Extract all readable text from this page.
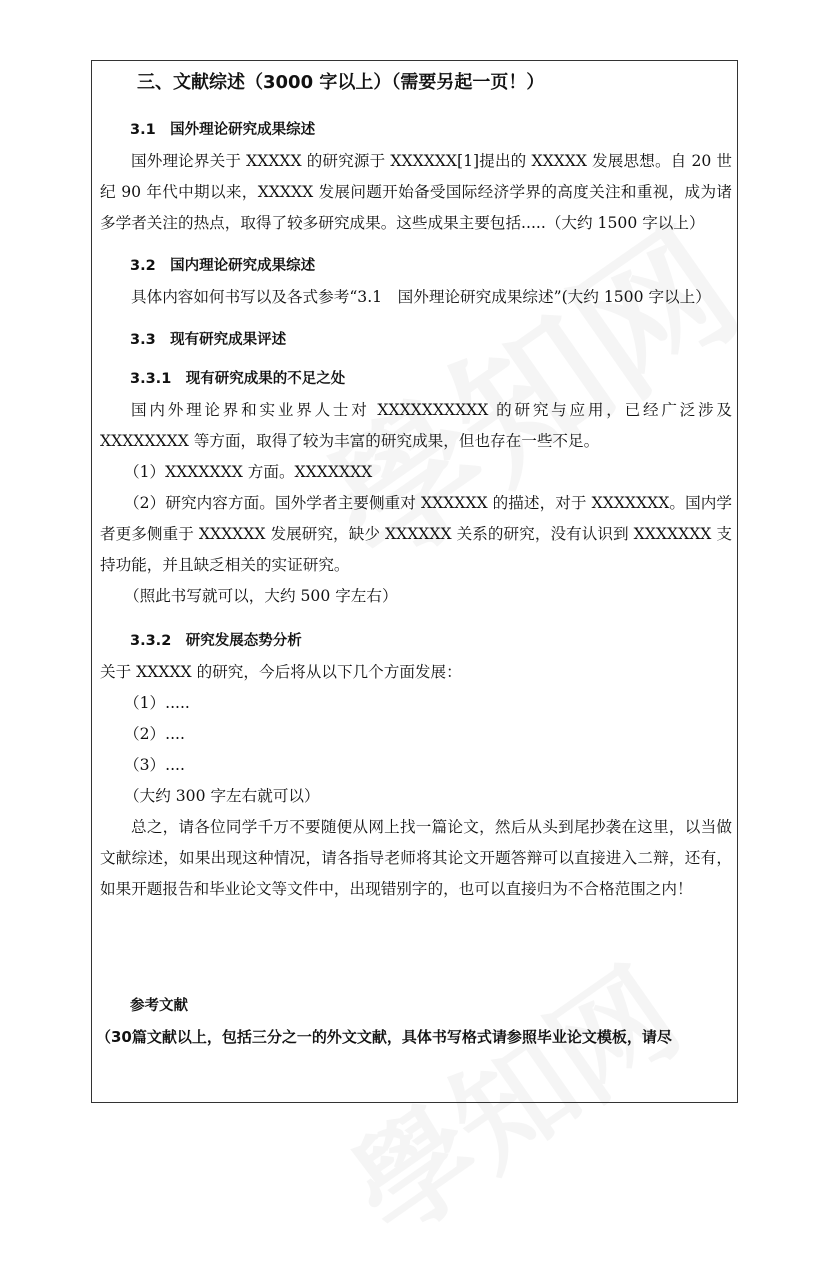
三、文献综述（3000 字以上）（需要另起一页！）
3.1　国外理论研究成果综述

国外理论界关于 XXXXX 的研究源于 XXXXXX[1]提出的 XXXXX 发展思想。自 20 世纪 90 年代中期以来，XXXXX 发展问题开始备受国际经济学界的高度关注和重视，成为诸多学者关注的热点，取得了较多研究成果。这些成果主要包括.....（大约 1500 字以上）

3.2　国内理论研究成果综述

具体内容如何书写以及各式参考“3.1　国外理论研究成果综述”(大约 1500 字以上）

3.3　现有研究成果评述
3.3.1　现有研究成果的不足之处

国内外理论界和实业界人士对 XXXXXXXXXX 的研究与应用，已经广泛涉及 XXXXXXXX 等方面，取得了较为丰富的研究成果，但也存在一些不足。

（1）XXXXXXX 方面。XXXXXXX

（2）研究内容方面。国外学者主要侧重对 XXXXXX 的描述，对于 XXXXXXX。国内学者更多侧重于 XXXXXX 发展研究，缺少 XXXXXX 关系的研究，没有认识到 XXXXXXX 支持功能，并且缺乏相关的实证研究。

（照此书写就可以，大约 500 字左右）

3.3.2　研究发展态势分析

关于 XXXXX 的研究，今后将从以下几个方面发展：

（1）.....

（2）....

（3）....

（大约 300 字左右就可以）

总之，请各位同学千万不要随便从网上找一篇论文，然后从头到尾抄袭在这里，以当做文献综述，如果出现这种情况，请各指导老师将其论文开题答辩可以直接进入二辩，还有，如果开题报告和毕业论文等文件中，出现错别字的，也可以直接归为不合格范围之内！

参考文献
（30篇文献以上，包括三分之一的外文文献，具体书写格式请参照毕业论文模板，请尽
